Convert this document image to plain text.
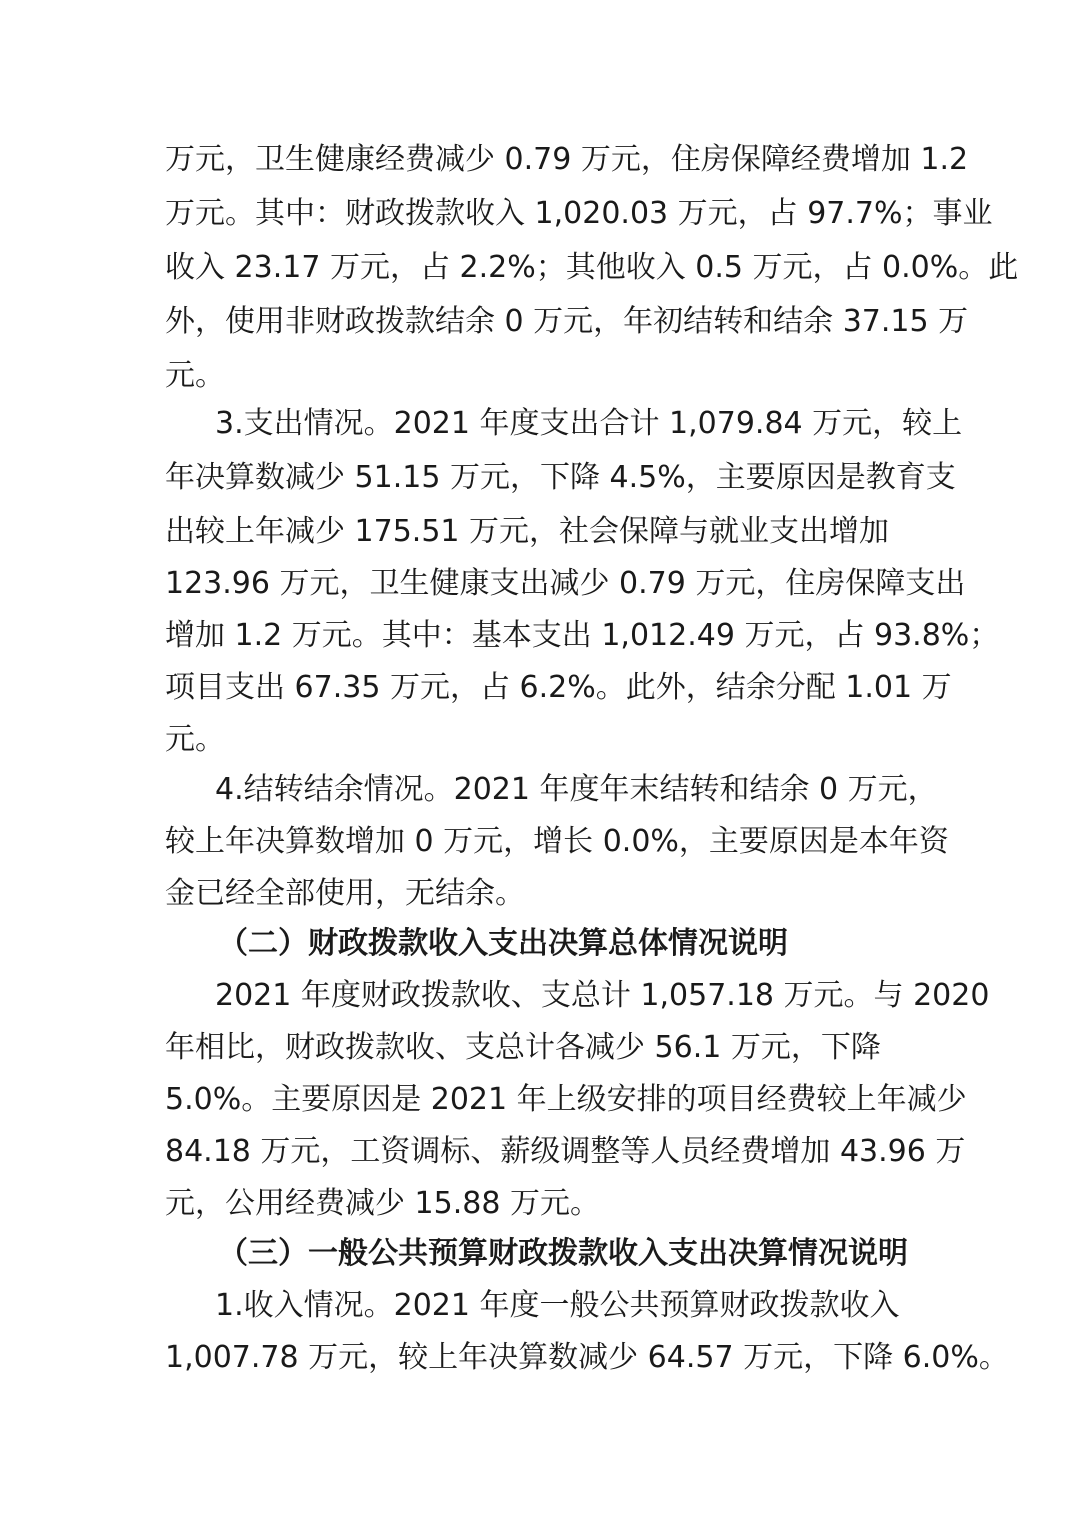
万元，卫生健康经费减少 0.79 万元，住房保障经费增加 1.2
万元。其中：财政拨款收入 1,020.03 万元，占 97.7%；事业
收入 23.17 万元，占 2.2%；其他收入 0.5 万元，占 0.0%。此
外，使用非财政拨款结余 0 万元，年初结转和结余 37.15 万
元。
3.支出情况。2021 年度支出合计 1,079.84 万元，较上
年决算数减少 51.15 万元，下降 4.5%，主要原因是教育支
出较上年减少 175.51 万元，社会保障与就业支出增加
123.96 万元，卫生健康支出减少 0.79 万元，住房保障支出
增加 1.2 万元。其中：基本支出 1,012.49 万元，占 93.8%；
项目支出 67.35 万元，占 6.2%。此外，结余分配 1.01 万
元。
4.结转结余情况。2021 年度年末结转和结余 0 万元，
较上年决算数增加 0 万元，增长 0.0%，主要原因是本年资
金已经全部使用，无结余。
（二）财政拨款收入支出决算总体情况说明
2021 年度财政拨款收、支总计 1,057.18 万元。与 2020
年相比，财政拨款收、支总计各减少 56.1 万元，下降
5.0%。主要原因是 2021 年上级安排的项目经费较上年减少
84.18 万元，工资调标、薪级调整等人员经费增加 43.96 万
元，公用经费减少 15.88 万元。
（三）一般公共预算财政拨款收入支出决算情况说明
1.收入情况。2021 年度一般公共预算财政拨款收入
1,007.78 万元，较上年决算数减少 64.57 万元，下降 6.0%。
